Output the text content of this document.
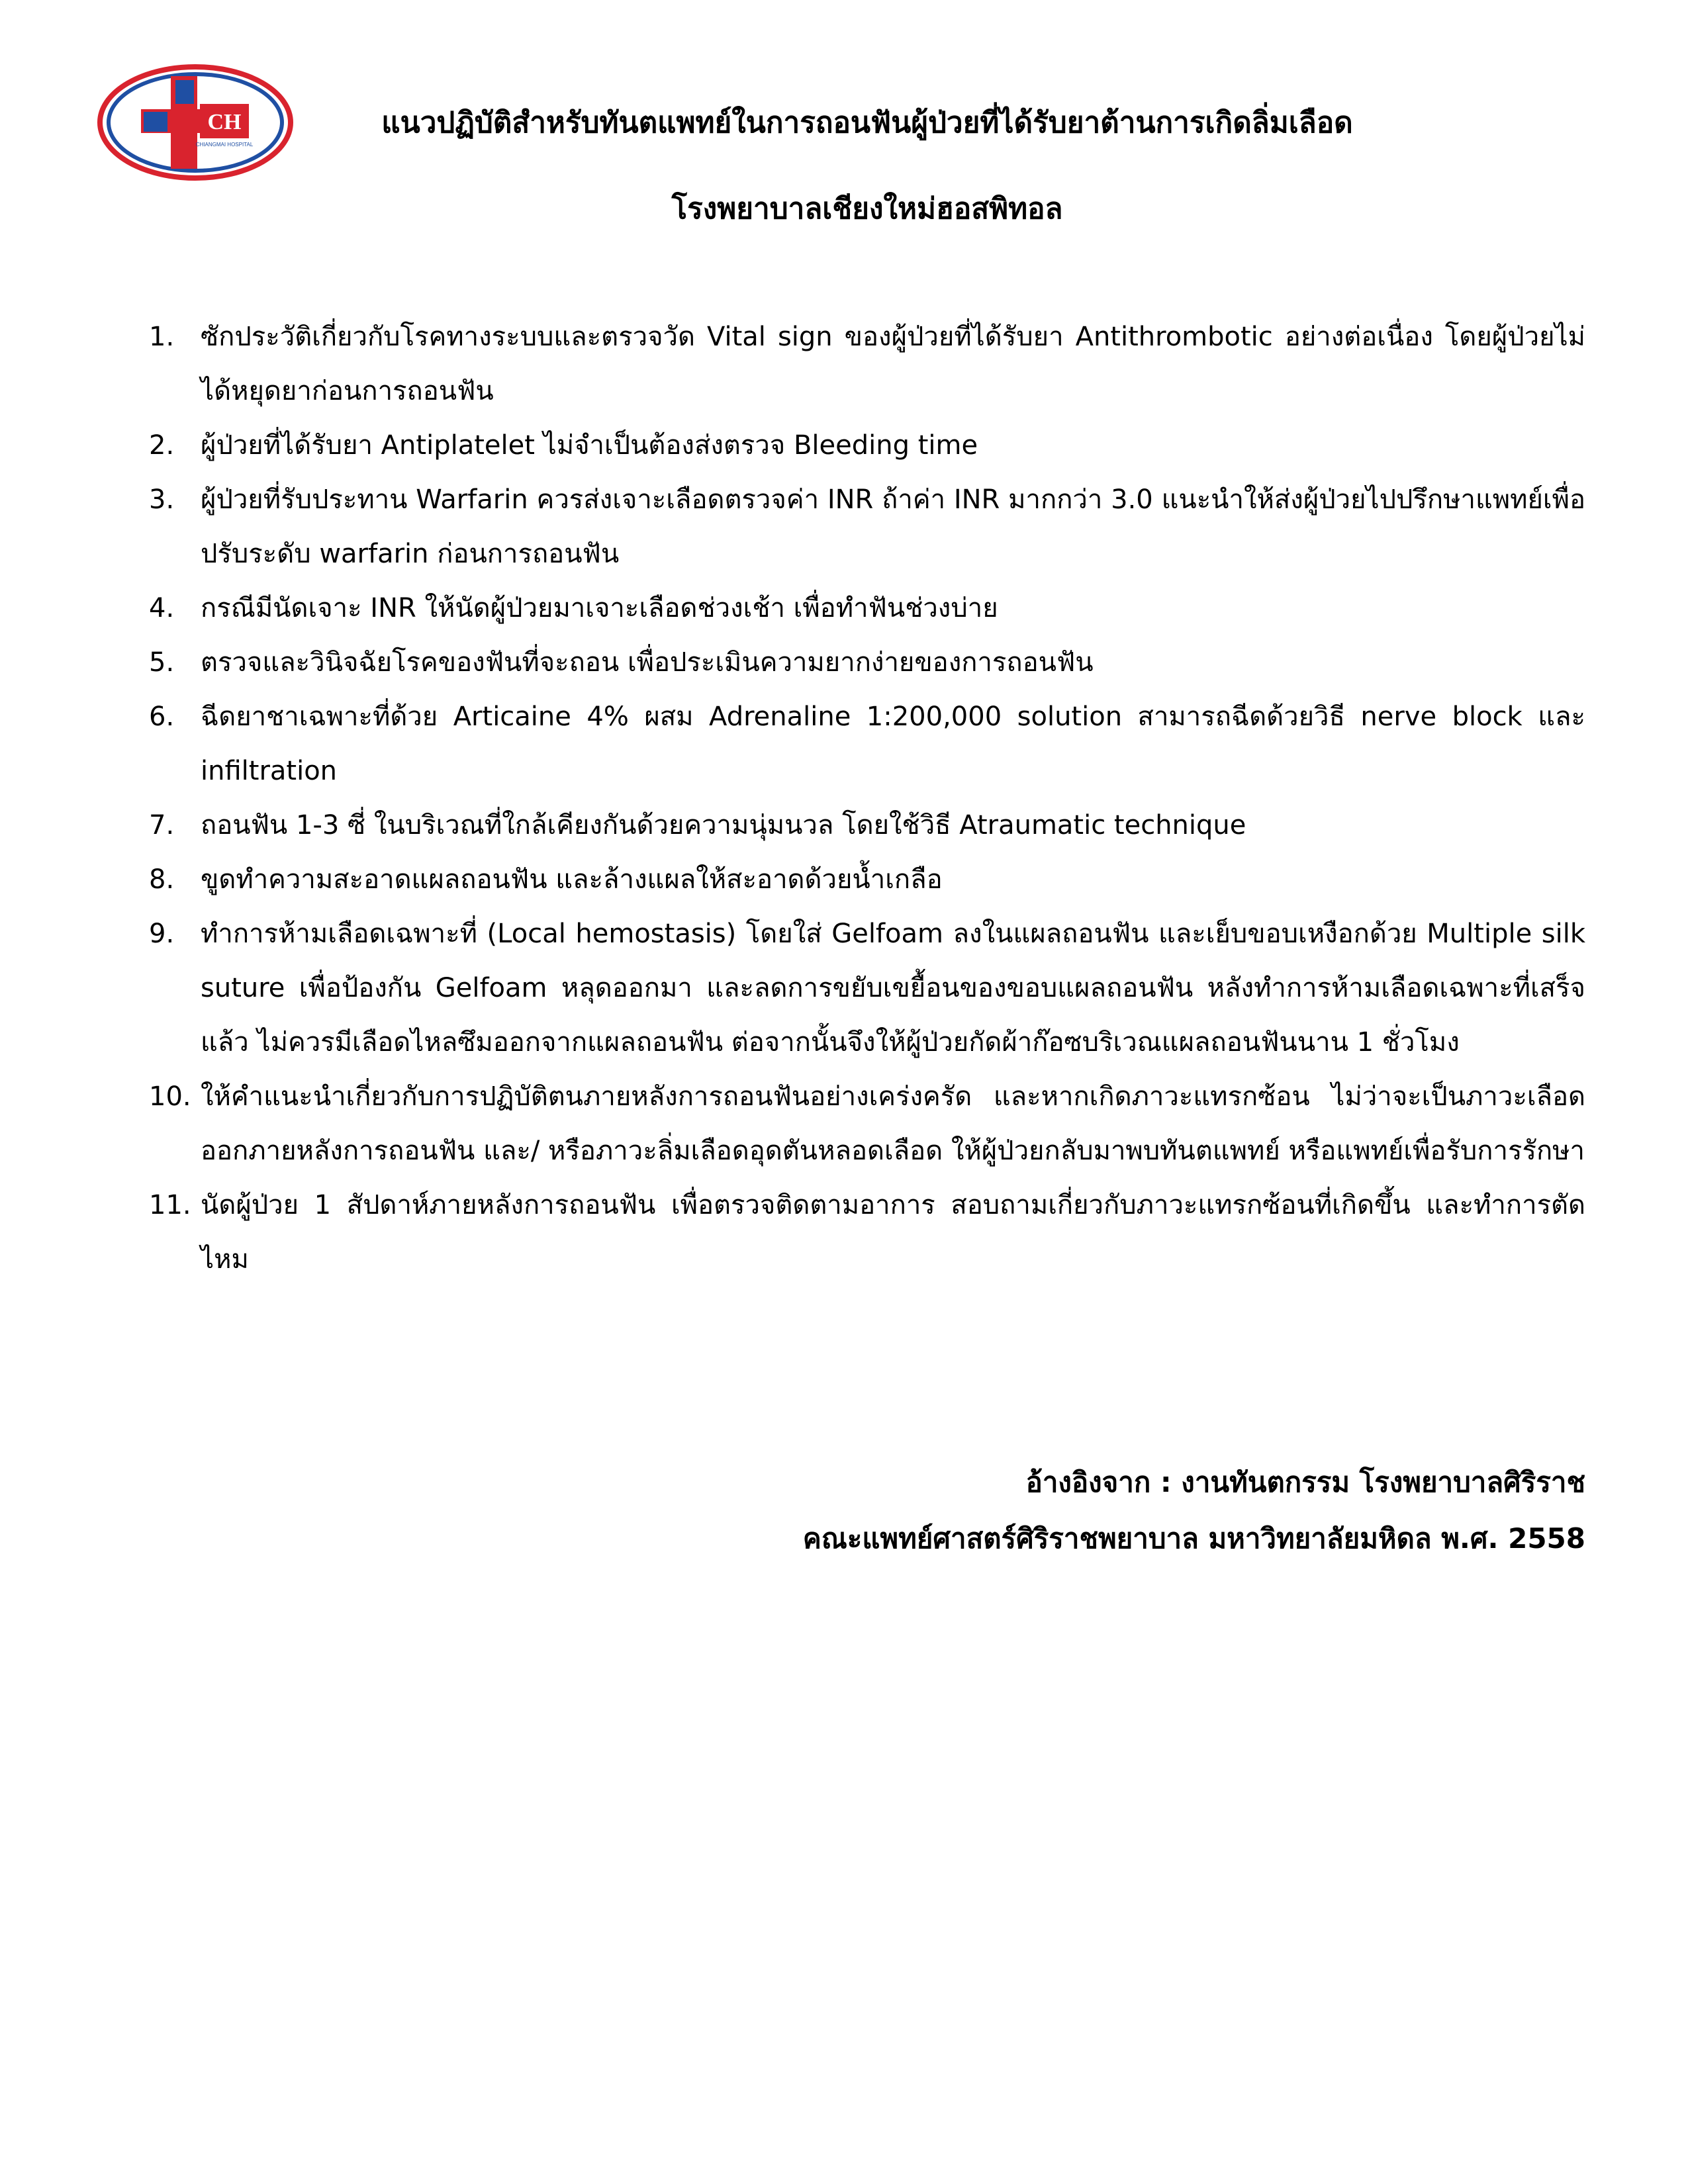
CH
CHIANGMAI HOSPITAL
แนวปฏิบัติสำหรับทันตแพทย์ในการถอนฟันผู้ป่วยที่ได้รับยาต้านการเกิดลิ่มเลือด
โรงพยาบาลเชียงใหม่ฮอสพิทอล
1. ซักประวัติเกี่ยวกับโรคทางระบบและตรวจวัด Vital sign ของผู้ป่วยที่ได้รับยา Antithrombotic อย่างต่อเนื่อง โดยผู้ป่วยไม่ได้หยุดยาก่อนการถอนฟัน
2. ผู้ป่วยที่ได้รับยา Antiplatelet ไม่จำเป็นต้องส่งตรวจ Bleeding time
3. ผู้ป่วยที่รับประทาน Warfarin ควรส่งเจาะเลือดตรวจค่า INR ถ้าค่า INR มากกว่า 3.0 แนะนำให้ส่งผู้ป่วยไปปรึกษาแพทย์เพื่อปรับระดับ warfarin ก่อนการถอนฟัน
4. กรณีมีนัดเจาะ INR ให้นัดผู้ป่วยมาเจาะเลือดช่วงเช้า เพื่อทำฟันช่วงบ่าย
5. ตรวจและวินิจฉัยโรคของฟันที่จะถอน เพื่อประเมินความยากง่ายของการถอนฟัน
6. ฉีดยาชาเฉพาะที่ด้วย Articaine 4% ผสม Adrenaline 1:200,000 solution สามารถฉีดด้วยวิธี nerve block และ infiltration
7. ถอนฟัน 1-3 ซี่ ในบริเวณที่ใกล้เคียงกันด้วยความนุ่มนวล โดยใช้วิธี Atraumatic technique
8. ขูดทำความสะอาดแผลถอนฟัน และล้างแผลให้สะอาดด้วยน้ำเกลือ
9. ทำการห้ามเลือดเฉพาะที่ (Local hemostasis) โดยใส่ Gelfoam ลงในแผลถอนฟัน และเย็บขอบเหงือกด้วย Multiple silk suture เพื่อป้องกัน Gelfoam หลุดออกมา และลดการขยับเขยื้อนของขอบแผลถอนฟัน หลังทำการห้ามเลือดเฉพาะที่เสร็จแล้ว ไม่ควรมีเลือดไหลซึมออกจากแผลถอนฟัน ต่อจากนั้นจึงให้ผู้ป่วยกัดผ้าก๊อซบริเวณแผลถอนฟันนาน 1 ชั่วโมง
10. ให้คำแนะนำเกี่ยวกับการปฏิบัติตนภายหลังการถอนฟันอย่างเคร่งครัด และหากเกิดภาวะแทรกซ้อน ไม่ว่าจะเป็นภาวะเลือดออกภายหลังการถอนฟัน และ/ หรือภาวะลิ่มเลือดอุดตันหลอดเลือด ให้ผู้ป่วยกลับมาพบทันตแพทย์ หรือแพทย์เพื่อรับการรักษา
11. นัดผู้ป่วย 1 สัปดาห์ภายหลังการถอนฟัน เพื่อตรวจติดตามอาการ สอบถามเกี่ยวกับภาวะแทรกซ้อนที่เกิดขึ้น และทำการตัดไหม
อ้างอิงจาก : งานทันตกรรม โรงพยาบาลศิริราช
คณะแพทย์ศาสตร์ศิริราชพยาบาล มหาวิทยาลัยมหิดล พ.ศ. 2558
